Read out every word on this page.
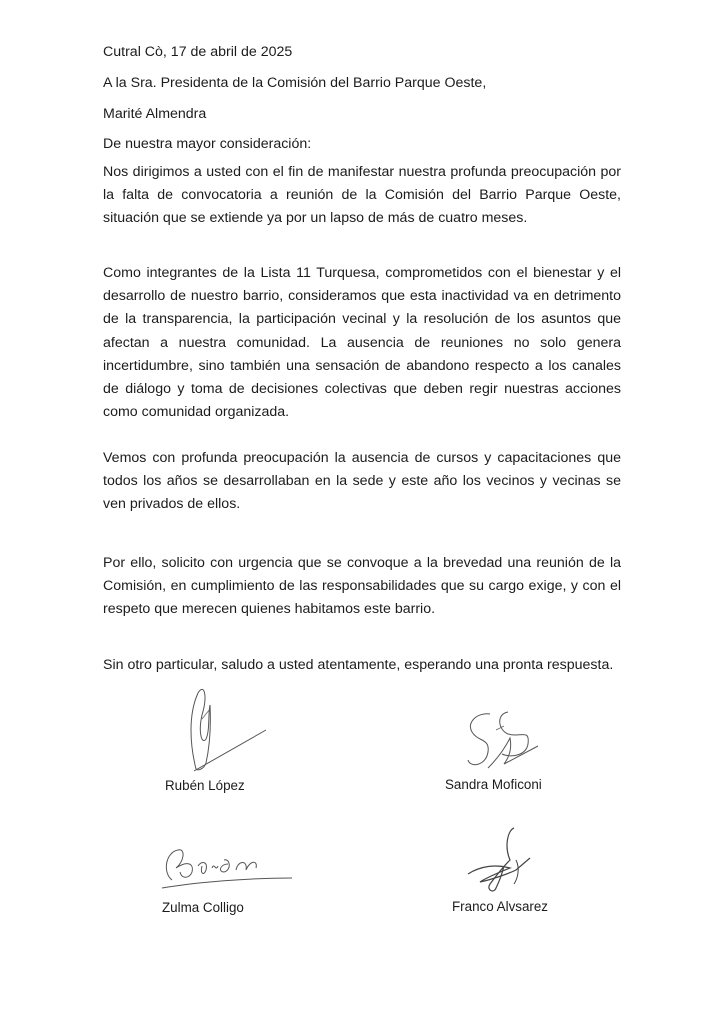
Cutral Cò, 17 de abril de 2025
A la Sra. Presidenta de la Comisión del Barrio Parque Oeste,
Marité Almendra
De nuestra mayor consideración:
Nos dirigimos a usted con el fin de manifestar nuestra profunda preocupación por la falta de convocatoria a reunión de la Comisión del Barrio Parque Oeste, situación que se extiende ya por un lapso de más de cuatro meses.
Como integrantes de la Lista 11 Turquesa, comprometidos con el bienestar y el desarrollo de nuestro barrio, consideramos que esta inactividad va en detrimento de la transparencia, la participación vecinal y la resolución de los asuntos que afectan a nuestra comunidad. La ausencia de reuniones no solo genera incertidumbre, sino también una sensación de abandono respecto a los canales de diálogo y toma de decisiones colectivas que deben regir nuestras acciones como comunidad organizada.
Vemos con profunda preocupación la ausencia de cursos y capacitaciones que todos los años se desarrollaban en la sede y este año los vecinos y vecinas se ven privados de ellos.
Por ello, solicito con urgencia que se convoque a la brevedad una reunión de la Comisión, en cumplimiento de las responsabilidades que su cargo exige, y con el respeto que merecen quienes habitamos este barrio.
Sin otro particular, saludo a usted atentamente, esperando una pronta respuesta.
Rubén López	Sandra Moficoni
Zulma Colligo	Franco Alvsarez
